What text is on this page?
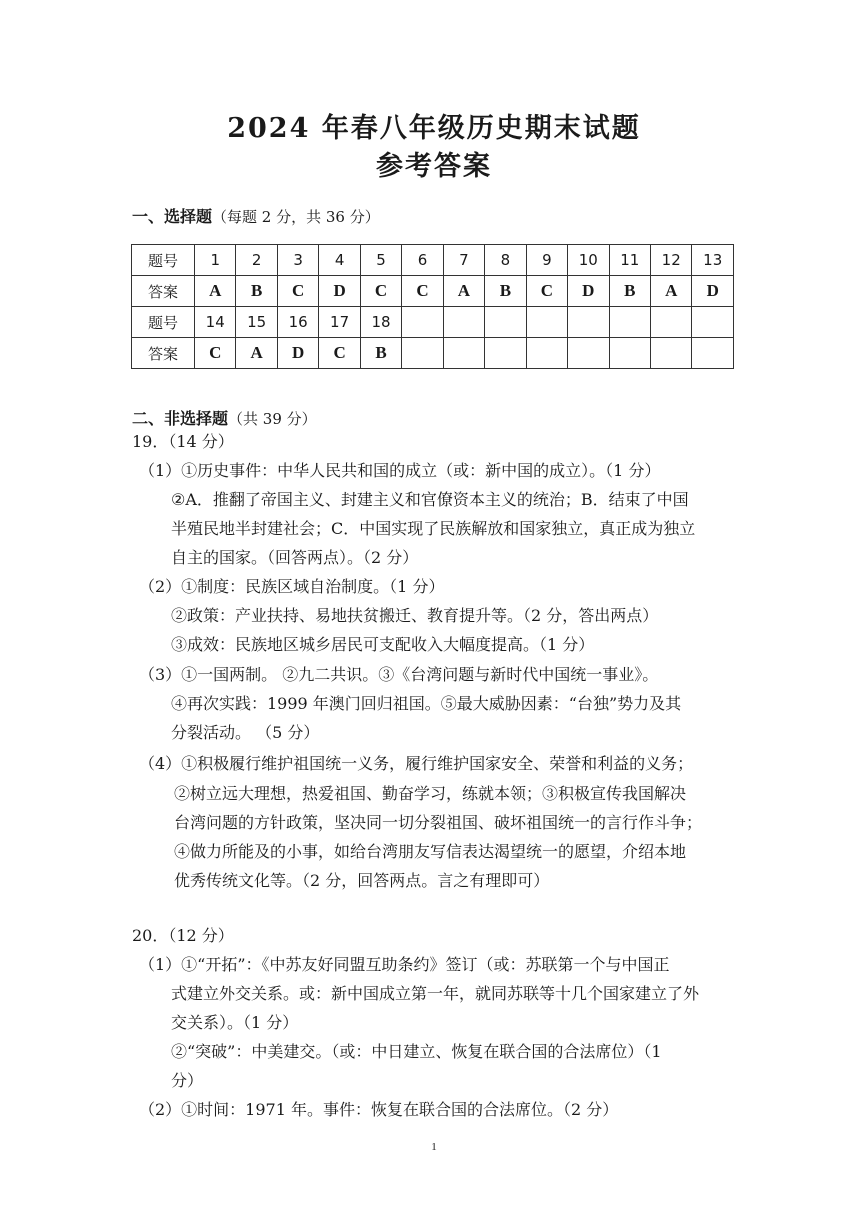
2024 年春八年级历史期末试题
参考答案
一、选择题（每题 2 分，共 36 分）
题号	1	2	3	4	5	6	7	8	9	10	11	12	13
答案	A	B	C	D	C	C	A	B	C	D	B	A	D
题号	14	15	16	17	18								
答案	C	A	D	C	B								
二、非选择题（共 39 分）
19．（14 分）
（1）①历史事件：中华人民共和国的成立（或：新中国的成立）。（1 分）
②A．推翻了帝国主义、封建主义和官僚资本主义的统治；B．结束了中国
半殖民地半封建社会；C．中国实现了民族解放和国家独立，真正成为独立
自主的国家。（回答两点）。（2 分）
（2）①制度：民族区域自治制度。（1 分）
②政策：产业扶持、易地扶贫搬迁、教育提升等。（2 分，答出两点）
③成效：民族地区城乡居民可支配收入大幅度提高。（1 分）
（3）①一国两制。 ②九二共识。③《台湾问题与新时代中国统一事业》。
④再次实践：1999 年澳门回归祖国。⑤最大威胁因素：“台独”势力及其
分裂活动。 （5 分）
（4）①积极履行维护祖国统一义务，履行维护国家安全、荣誉和利益的义务；
②树立远大理想，热爱祖国、勤奋学习，练就本领；③积极宣传我国解决
台湾问题的方针政策，坚决同一切分裂祖国、破坏祖国统一的言行作斗争；
④做力所能及的小事，如给台湾朋友写信表达渴望统一的愿望，介绍本地
优秀传统文化等。（2 分，回答两点。言之有理即可）
20．（12 分）
（1）①“开拓”：《中苏友好同盟互助条约》签订（或：苏联第一个与中国正
式建立外交关系。或：新中国成立第一年，就同苏联等十几个国家建立了外
交关系）。（1 分）
②“突破”：中美建交。（或：中日建立、恢复在联合国的合法席位）（1
分）
（2）①时间：1971 年。事件：恢复在联合国的合法席位。（2 分）
1
